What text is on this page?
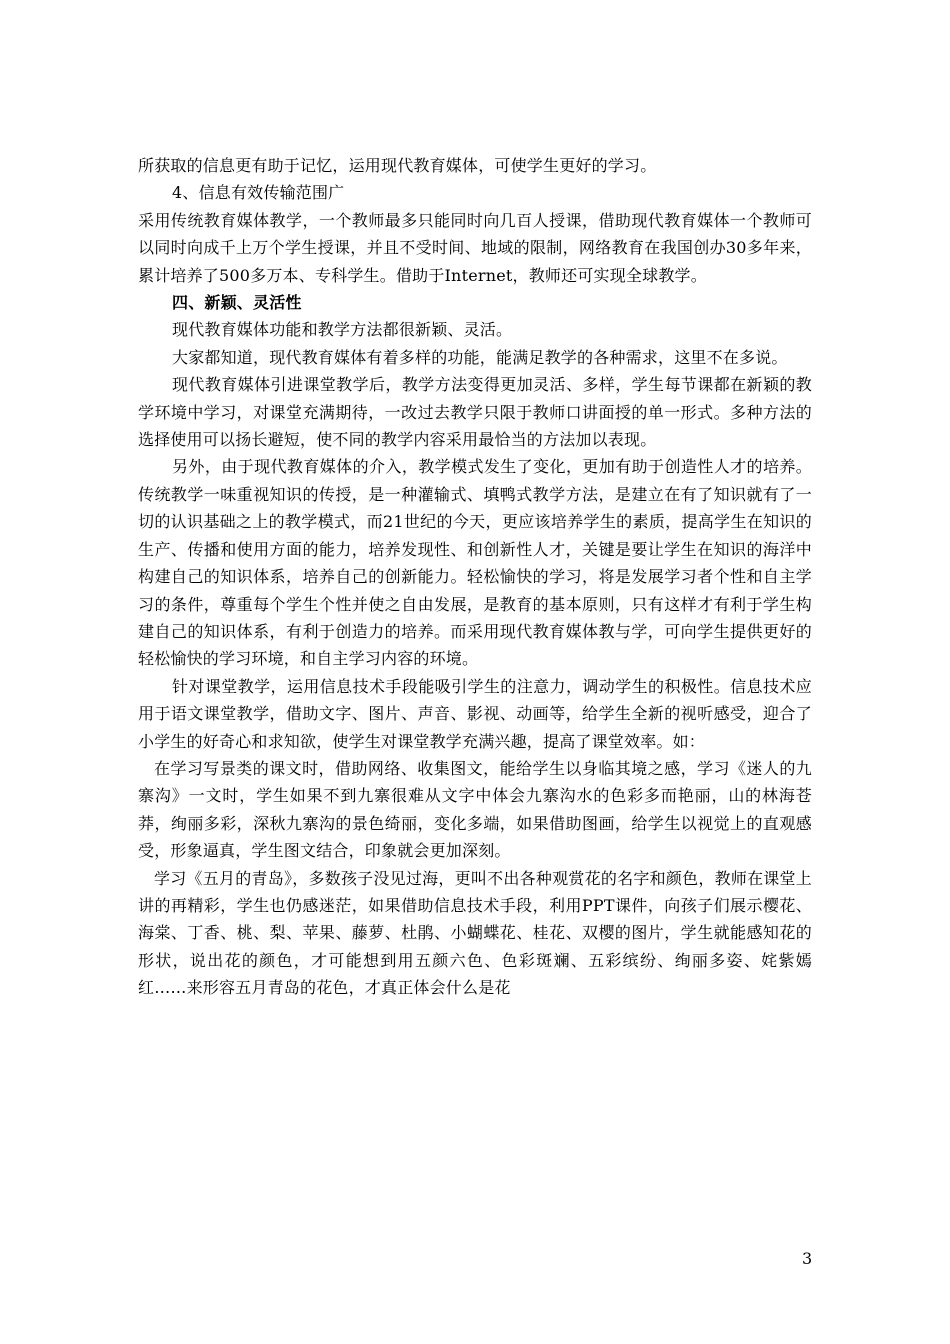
所获取的信息更有助于记忆，运用现代教育媒体，可使学生更好的学习。

4、信息有效传输范围广

采用传统教育媒体教学，一个教师最多只能同时向几百人授课，借助现代教育媒体一个教师可以同时向成千上万个学生授课，并且不受时间、地域的限制，网络教育在我国创办30多年来，累计培养了500多万本、专科学生。借助于Internet，教师还可实现全球教学。

四、新颖、灵活性

现代教育媒体功能和教学方法都很新颖、灵活。

大家都知道，现代教育媒体有着多样的功能，能满足教学的各种需求，这里不在多说。

现代教育媒体引进课堂教学后，教学方法变得更加灵活、多样，学生每节课都在新颖的教学环境中学习，对课堂充满期待，一改过去教学只限于教师口讲面授的单一形式。多种方法的选择使用可以扬长避短，使不同的教学内容采用最恰当的方法加以表现。

另外，由于现代教育媒体的介入，教学模式发生了变化，更加有助于创造性人才的培养。传统教学一味重视知识的传授，是一种灌输式、填鸭式教学方法，是建立在有了知识就有了一切的认识基础之上的教学模式，而21世纪的今天，更应该培养学生的素质，提高学生在知识的生产、传播和使用方面的能力，培养发现性、和创新性人才，关键是要让学生在知识的海洋中构建自己的知识体系，培养自己的创新能力。轻松愉快的学习，将是发展学习者个性和自主学习的条件，尊重每个学生个性并使之自由发展，是教育的基本原则，只有这样才有利于学生构建自己的知识体系，有利于创造力的培养。而采用现代教育媒体教与学，可向学生提供更好的轻松愉快的学习环境，和自主学习内容的环境。

针对课堂教学，运用信息技术手段能吸引学生的注意力，调动学生的积极性。信息技术应用于语文课堂教学，借助文字、图片、声音、影视、动画等，给学生全新的视听感受，迎合了小学生的好奇心和求知欲，使学生对课堂教学充满兴趣，提高了课堂效率。如：

在学习写景类的课文时，借助网络、收集图文，能给学生以身临其境之感，学习《迷人的九寨沟》一文时，学生如果不到九寨很难从文字中体会九寨沟水的色彩多而艳丽，山的林海苍莽，绚丽多彩，深秋九寨沟的景色绮丽，变化多端，如果借助图画，给学生以视觉上的直观感受，形象逼真，学生图文结合，印象就会更加深刻。

学习《五月的青岛》，多数孩子没见过海，更叫不出各种观赏花的名字和颜色，教师在课堂上讲的再精彩，学生也仍感迷茫，如果借助信息技术手段，利用PPT课件，向孩子们展示樱花、海棠、丁香、桃、梨、苹果、藤萝、杜鹃、小蝴蝶花、桂花、双樱的图片，学生就能感知花的形状，说出花的颜色，才可能想到用五颜六色、色彩斑斓、五彩缤纷、绚丽多姿、姹紫嫣红……来形容五月青岛的花色，才真正体会什么是花

3
